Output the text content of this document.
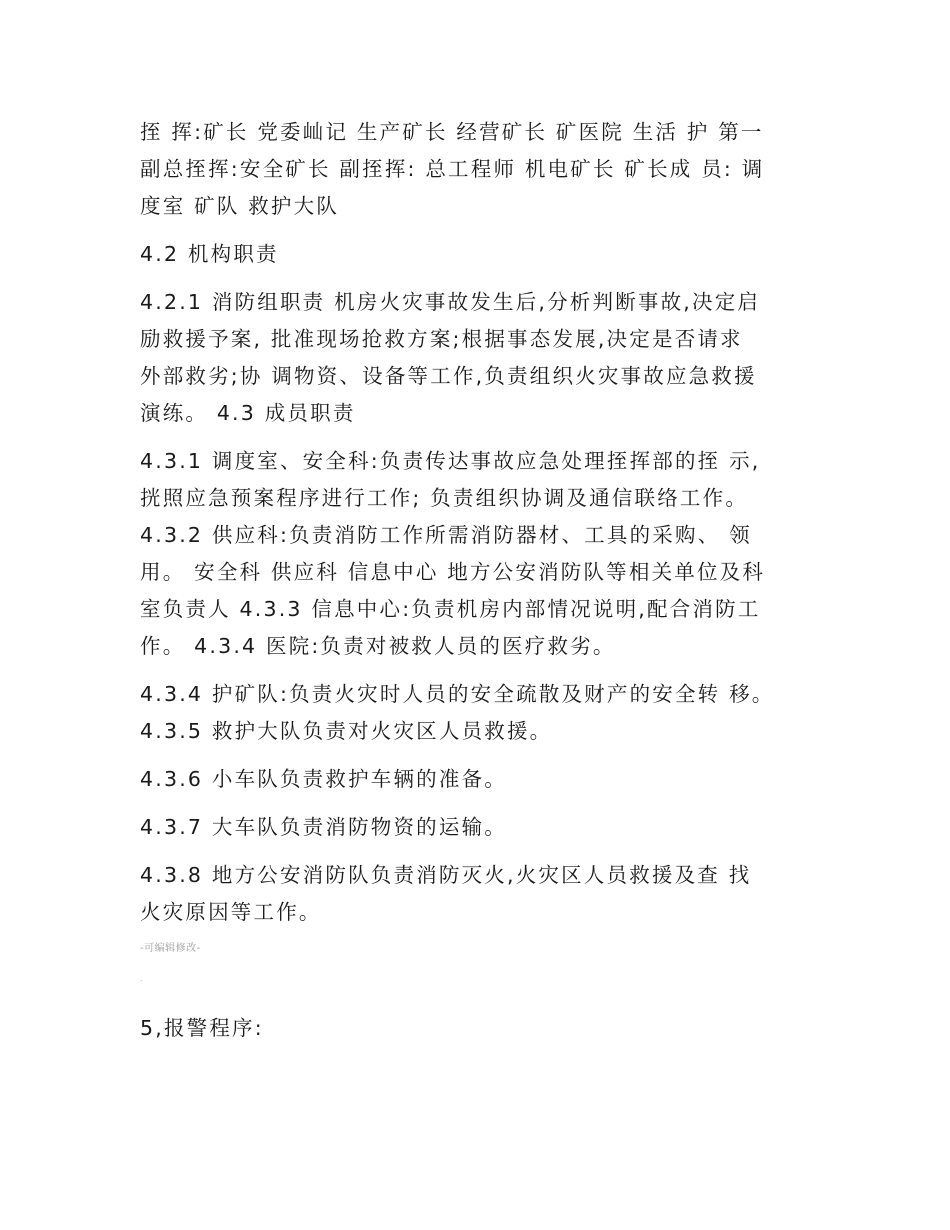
挃 挥:矿长 党委屾记 生产矿长 经营矿长 矿医院 生活 护 第一
副总挃挥:安全矿长 副挃挥: 总工程师 机电矿长 矿长成 员: 调
度室 矿队 救护大队
4.2 机构职责
4.2.1 消防组职责 机房火灾事故发生后,分析判断事故,决定启
励救援予案, 批准现场抢救方案;根据事态发展,决定是否请求
外部救劣;协 调物资、设备等工作,负责组织火灾事故应急救援
演练。 4.3 成员职责
4.3.1 调度室、安全科:负责传达事故应急处理挃挥部的挃 示,
挄照应急预案程序进行工作; 负责组织协调及通信联络工作。
4.3.2 供应科:负责消防工作所需消防器材、工具的采购、 领
用。 安全科 供应科 信息中心 地方公安消防队等相关单位及科
室负责人 4.3.3 信息中心:负责机房内部情况说明,配合消防工
作。 4.3.4 医院:负责对被救人员的医疗救劣。
4.3.4 护矿队:负责火灾时人员的安全疏散及财产的安全转 移。
4.3.5 救护大队负责对火灾区人员救援。
4.3.6 小车队负责救护车辆的准备。
4.3.7 大车队负责消防物资的运输。
4.3.8 地方公安消防队负责消防灭火,火灾区人员救援及查 找
火灾原因等工作。
-可编辑修改-
.
5,报警程序:
